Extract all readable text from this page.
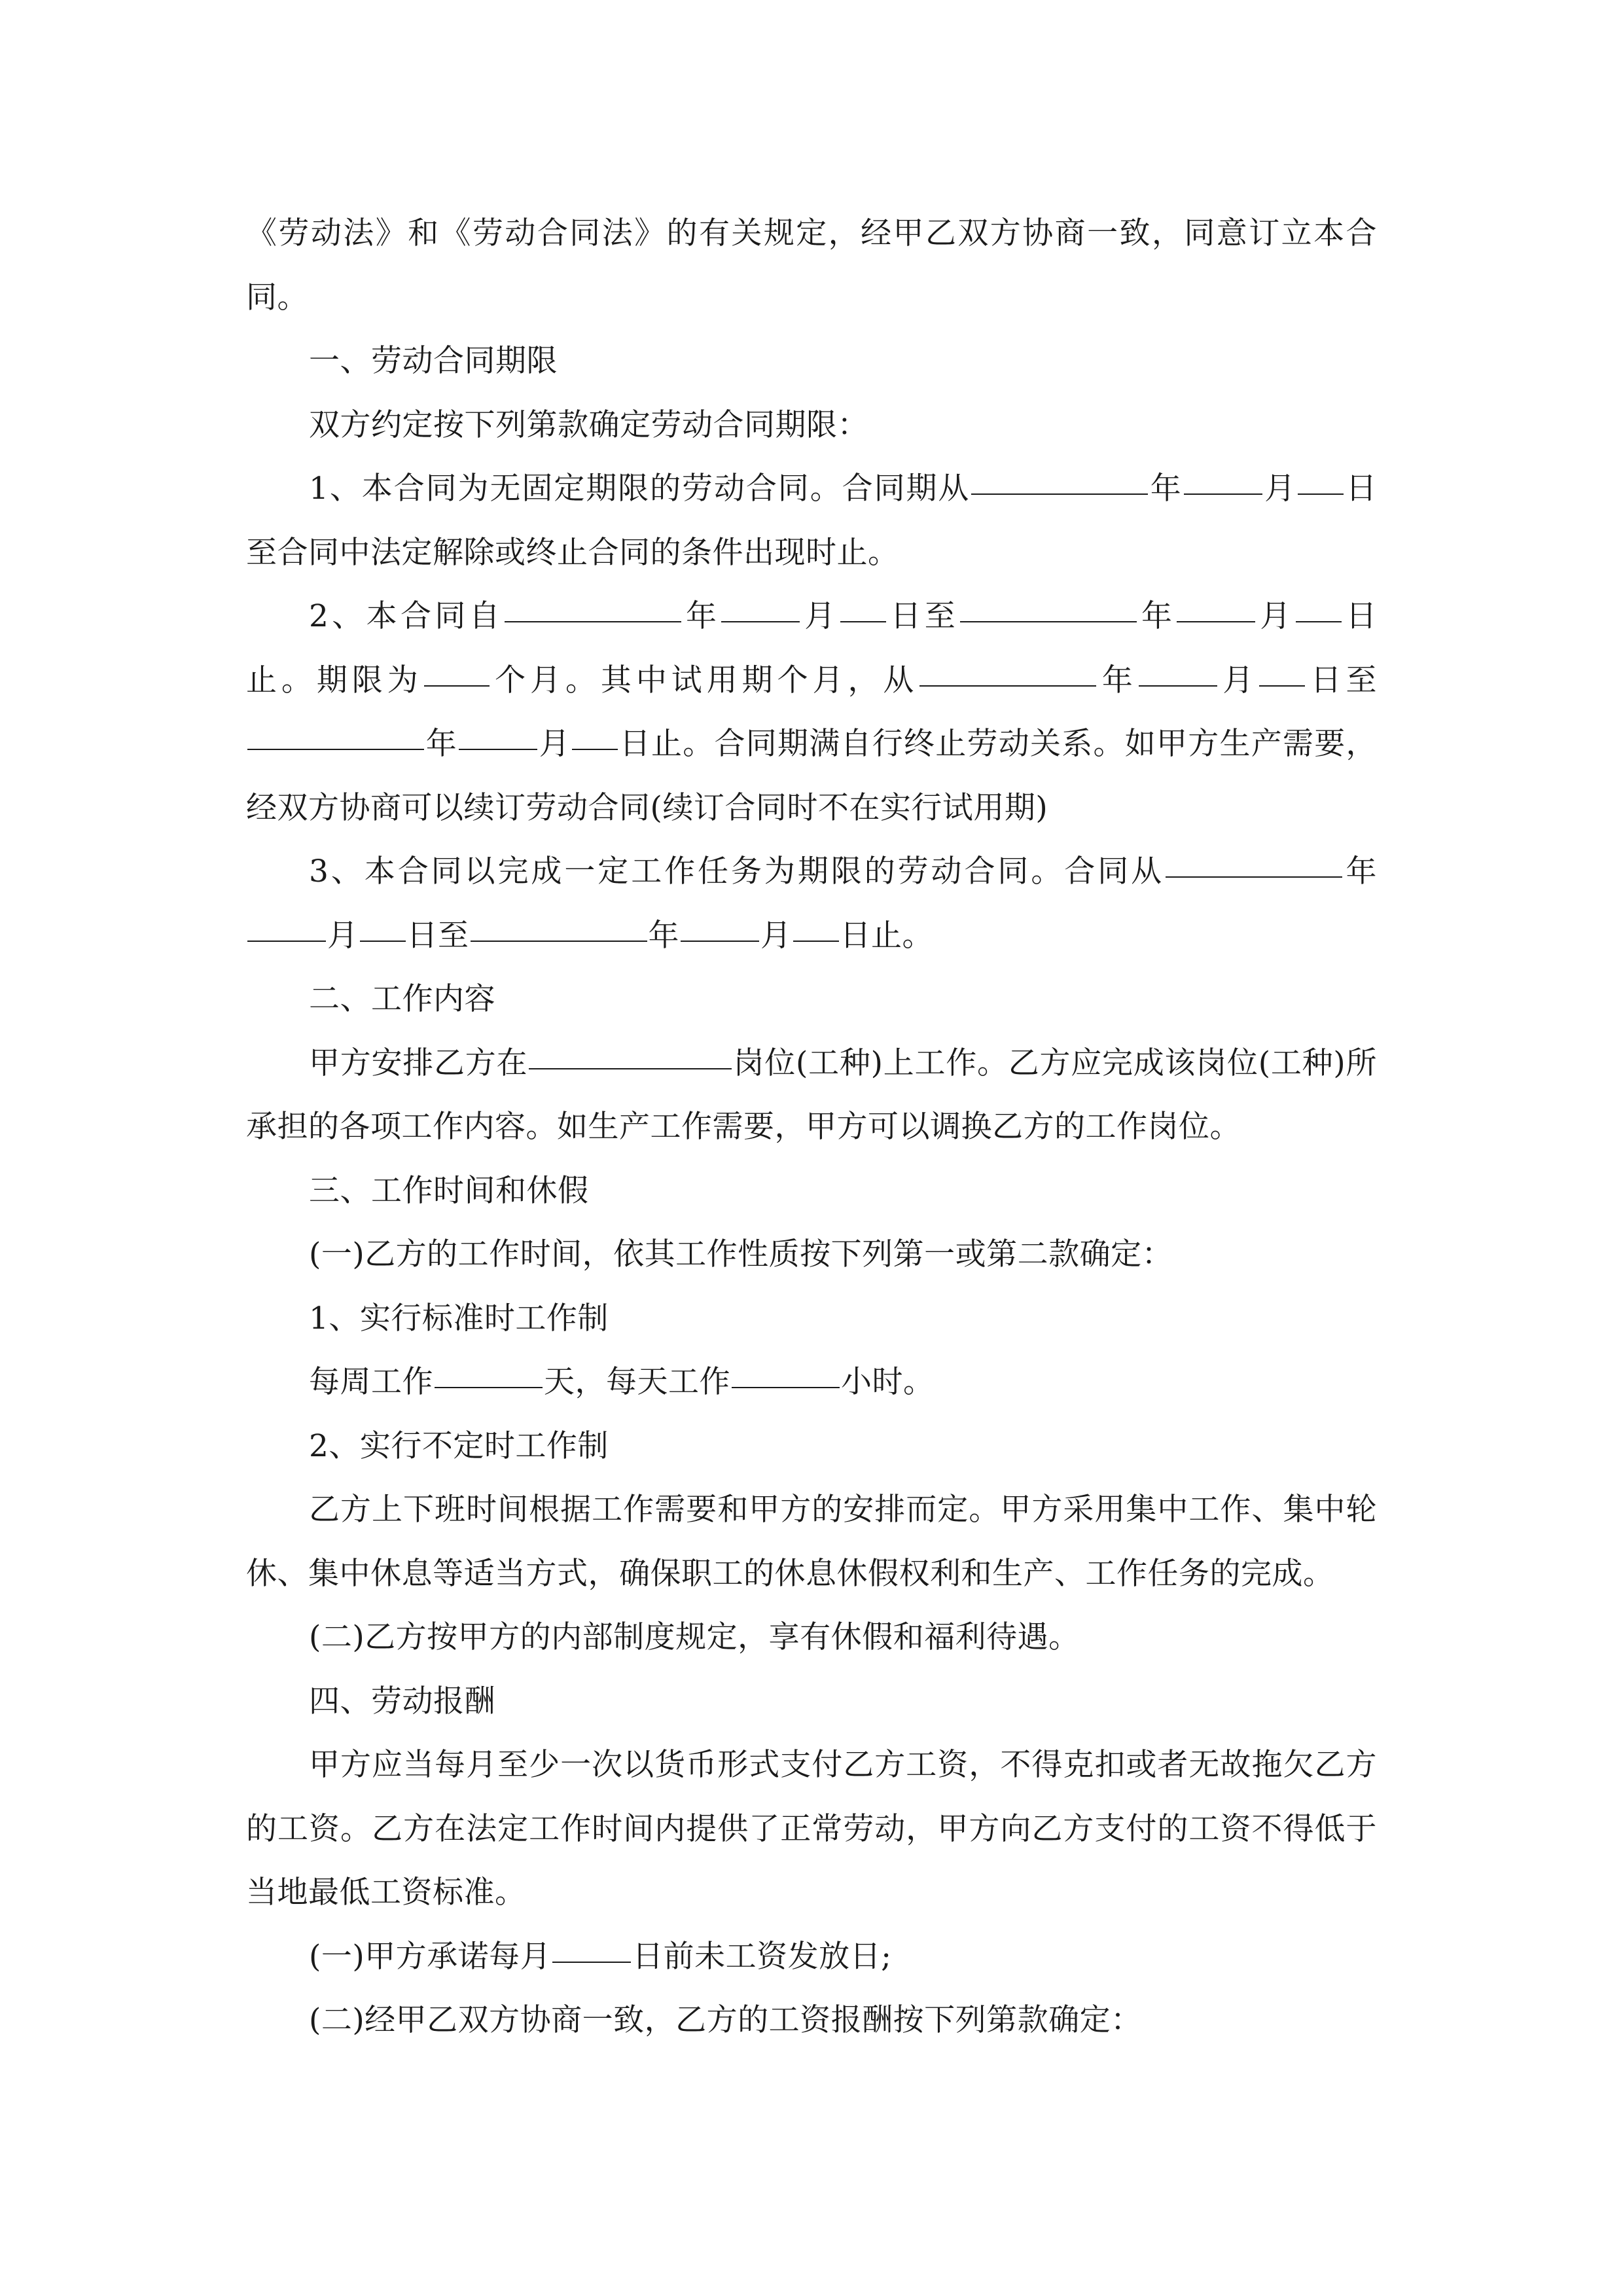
《劳动法》和《劳动合同法》的有关规定，经甲乙双方协商一致，同意订立本合同。

一、劳动合同期限

双方约定按下列第款确定劳动合同期限：

1、本合同为无固定期限的劳动合同。合同期从	年	月 日至合同中法定解除或终止合同的条件出现时止。

2、本合同自	年	月 日至	年	月 日止。期限为 个月。其中试用期个月，从	年	月 日至年	月 日止。合同期满自行终止劳动关系。如甲方生产需要，经双方协商可以续订劳动合同(续订合同时不在实行试用期)

3、本合同以完成一定工作任务为期限的劳动合同。合同从	年月 日至	年	月 日止。

二、工作内容

甲方安排乙方在	岗位(工种)上工作。乙方应完成该岗位(工种)所承担的各项工作内容。如生产工作需要，甲方可以调换乙方的工作岗位。

三、工作时间和休假

(一)乙方的工作时间，依其工作性质按下列第一或第二款确定：

1、实行标准时工作制

每周工作	天，每天工作	小时。

2、实行不定时工作制

乙方上下班时间根据工作需要和甲方的安排而定。甲方采用集中工作、集中轮休、集中休息等适当方式，确保职工的休息休假权利和生产、工作任务的完成。

(二)乙方按甲方的内部制度规定，享有休假和福利待遇。

四、劳动报酬

甲方应当每月至少一次以货币形式支付乙方工资，不得克扣或者无故拖欠乙方的工资。乙方在法定工作时间内提供了正常劳动，甲方向乙方支付的工资不得低于当地最低工资标准。

(一)甲方承诺每月	日前未工资发放日;

(二)经甲乙双方协商一致，乙方的工资报酬按下列第款确定：
